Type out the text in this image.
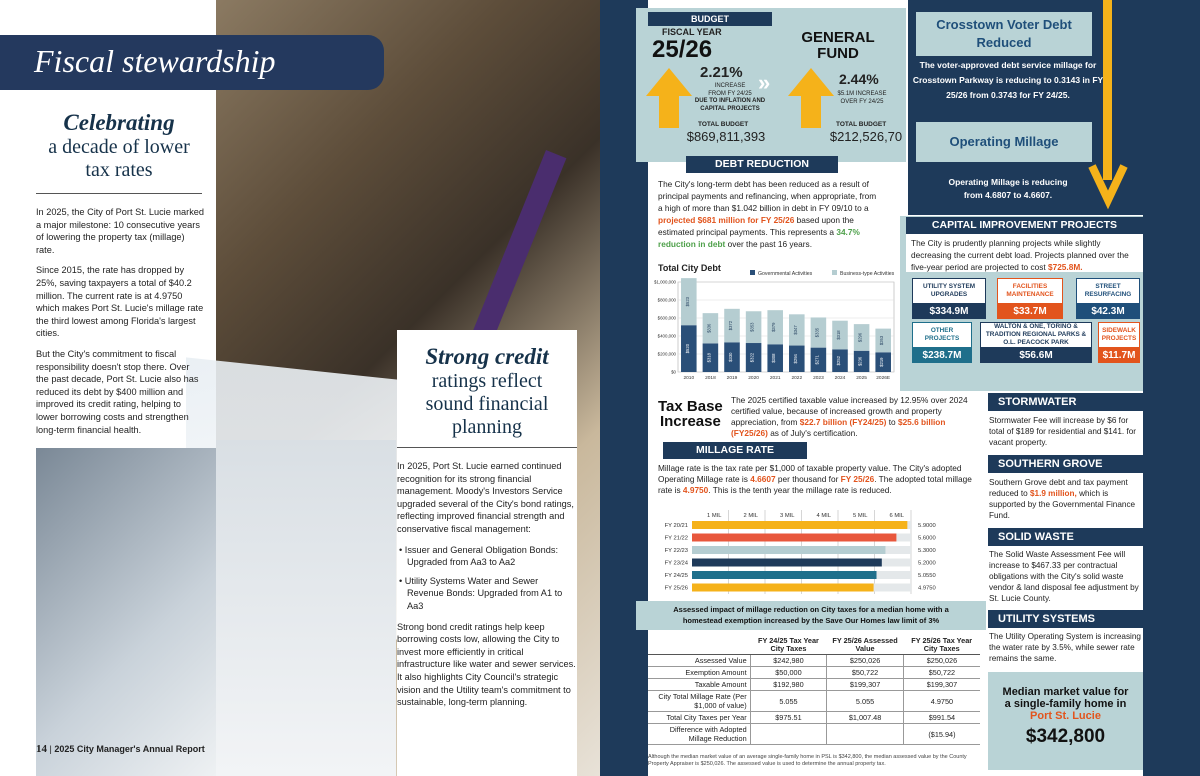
Fiscal stewardship
Celebrating
a decade of lower
tax rates

In 2025, the City of Port St. Lucie marked a major milestone: 10 consecutive years of lowering the property tax (millage) rate.

Since 2015, the rate has dropped by 25%, saving taxpayers a total of $40.2 million. The current rate is at 4.9750 which makes Port St. Lucie's millage rate the third lowest among Florida's largest cities.

But the City's commitment to fiscal responsibility doesn't stop there. Over the past decade, Port St. Lucie also has reduced its debt by $400 million and improved its credit rating, helping to lower borrowing costs and strengthen long-term financial health.

14 | 2025 City Manager's Annual Report
Strong credit
ratings reflect
sound financial
planning

In 2025, Port St. Lucie earned continued recognition for its strong financial management. Moody's Investors Service upgraded several of the City's bond ratings, reflecting improved financial strength and conservative fiscal management:

• Issuer and General Obligation Bonds: Upgraded from Aa3 to Aa2

• Utility Systems Water and Sewer Revenue Bonds: Upgraded from A1 to Aa3

Strong bond credit ratings help keep borrowing costs low, allowing the City to invest more efficiently in critical infrastructure like water and sewer services. It also highlights City Council's strategic vision and the Utility team's commitment to sustainable, long-term planning.

BUDGET
FISCAL YEAR
25/26
2.21%
INCREASE
FROM FY 24/25
DUE TO INFLATION AND
CAPITAL PROJECTS
TOTAL BUDGET
$869,811,393
»
GENERAL
FUND
2.44%
$5.1M INCREASE
OVER FY 24/25
TOTAL BUDGET
$212,526,70
Crosstown Voter Debt
Reduced
The voter-approved debt service millage for Crosstown Parkway is reducing to 0.3143 in FY 25/26 from 0.3743 for FY 24/25.
Operating Millage
Operating Millage is reducing
from 4.6807 to 4.6607.
DEBT REDUCTION
The City's long-term debt has been reduced as a result of principal payments and refinancing, when appropriate, from a high of more than $1.042 billion in debt in FY 09/10 to a projected $681 million for FY 25/26 based upon the estimated principal payments. This represents a 34.7% reduction in debt over the past 16 years.
Total City Debt
Governmental Activities	Business-type Activities
$0
$200,000
$400,000
$600,000
$800,000
$1,000,000
$520
$523
2010
$318
$336
2018
$330
$372
2019
$322
$353
2020
$308
$379
2021
$294
$347
2022
$271
$335
2023
$252
$318
2024
$236
$296
2025
$219
$263
2026E
CAPITAL IMPROVEMENT PROJECTS
The City is prudently planning projects while slightly decreasing the current debt load. Projects planned over the five-year period are projected to cost $725.8M.
UTILITY SYSTEM UPGRADES
$334.9M
FACILITIES MAINTENANCE
$33.7M
STREET RESURFACING
$42.3M
OTHER PROJECTS
$238.7M
WALTON & ONE, TORINO & TRADITION REGIONAL PARKS & O.L. PEACOCK PARK
$56.6M
SIDEWALK PROJECTS
$11.7M
Tax Base
Increase
The 2025 certified taxable value increased by 12.95% over 2024 certified value, because of increased growth and property appreciation, from $22.7 billion (FY24/25) to $25.6 billion (FY25/26) as of July's certification.
MILLAGE RATE
Millage rate is the tax rate per $1,000 of taxable property value. The City's adopted Operating Millage rate is 4.6607 per thousand for FY 25/26. The adopted total millage rate is 4.9750. This is the tenth year the millage rate is reduced.
1 MIL	2 MIL	3 MIL	4 MIL	5 MIL	6 MIL
FY 20/21	5.9000
FY 21/22	5.6000
FY 22/23	5.3000
FY 23/24	5.2000
FY 24/25	5.0550
FY 25/26	4.9750
Assessed impact of millage reduction on City taxes for a median home with a homestead exemption increased by the Save Our Homes law limit of 3%
	FY 24/25 Tax Year City Taxes	FY 25/26 Assessed Value	FY 25/26 Tax Year City Taxes
Assessed Value	$242,980	$250,026	$250,026
Exemption Amount	$50,000	$50,722	$50,722
Taxable Amount	$192,980	$199,307	$199,307
City Total Millage Rate (Per $1,000 of value)	5.055	5.055	4.9750
Total City Taxes per Year	$975.51	$1,007.48	$991.54
Difference with Adopted Millage Reduction			($15.94)
Although the median market value of an average single-family home in PSL is $342,800, the median assessed value by the County Property Appraiser is $250,026. The assessed value is used to determine the annual property tax.
STORMWATER
Stormwater Fee will increase by $6 for total of $189 for residential and $141. for vacant property.
SOUTHERN GROVE
Southern Grove debt and tax payment reduced to $1.9 million, which is supported by the Governmental Finance Fund.
SOLID WASTE
The Solid Waste Assessment Fee will increase to $467.33 per contractual obligations with the City's solid waste vendor & land disposal fee adjustment by St. Lucie County.
UTILITY SYSTEMS
The Utility Operating System is increasing the water rate by 3.5%, while sewer rate remains the same.
Median market value for
a single-family home in
Port St. Lucie
$342,800
